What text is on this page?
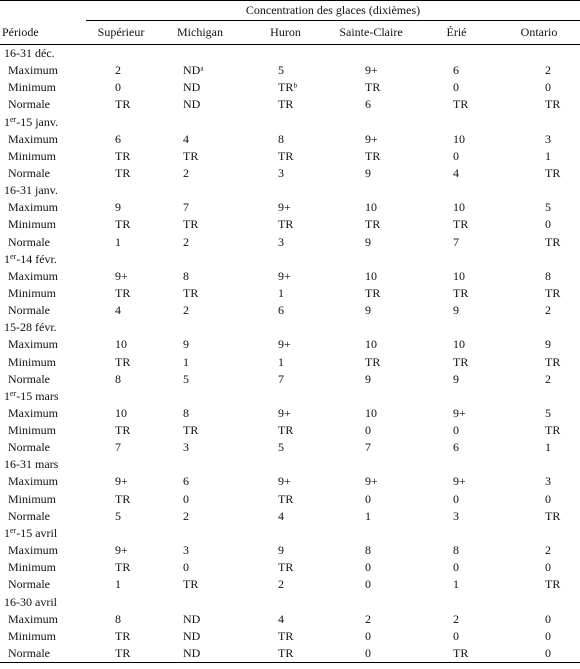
	Concentration des glaces (dixièmes)					
Période	Supérieur	Michigan	Huron	Sainte-Claire	Érié	Ontario
16-31 déc.						
Maximum	2	NDᵃ	5	9+	6	2
Minimum	0	ND	TRᵇ	TR	0	0
Normale	TR	ND	TR	6	TR	TR
1er-15 janv.						
Maximum	6	4	8	9+	10	3
Minimum	TR	TR	TR	TR	0	1
Normale	TR	2	3	9	4	TR
16-31 janv.						
Maximum	9	7	9+	10	10	5
Minimum	TR	TR	TR	TR	TR	0
Normale	1	2	3	9	7	TR
1er-14 févr.						
Maximum	9+	8	9+	10	10	8
Minimum	TR	TR	1	TR	TR	TR
Normale	4	2	6	9	9	2
15-28 févr.						
Maximum	10	9	9+	10	10	9
Minimum	TR	1	1	TR	TR	TR
Normale	8	5	7	9	9	2
1er-15 mars						
Maximum	10	8	9+	10	9+	5
Minimum	TR	TR	TR	0	0	TR
Normale	7	3	5	7	6	1
16-31 mars						
Maximum	9+	6	9+	9+	9+	3
Minimum	TR	0	TR	0	0	0
Normale	5	2	4	1	3	TR
1er-15 avril						
Maximum	9+	3	9	8	8	2
Minimum	TR	0	TR	0	0	0
Normale	1	TR	2	0	1	TR
16-30 avril						
Maximum	8	ND	4	2	2	0
Minimum	TR	ND	TR	0	0	0
Normale	TR	ND	TR	0	TR	0
